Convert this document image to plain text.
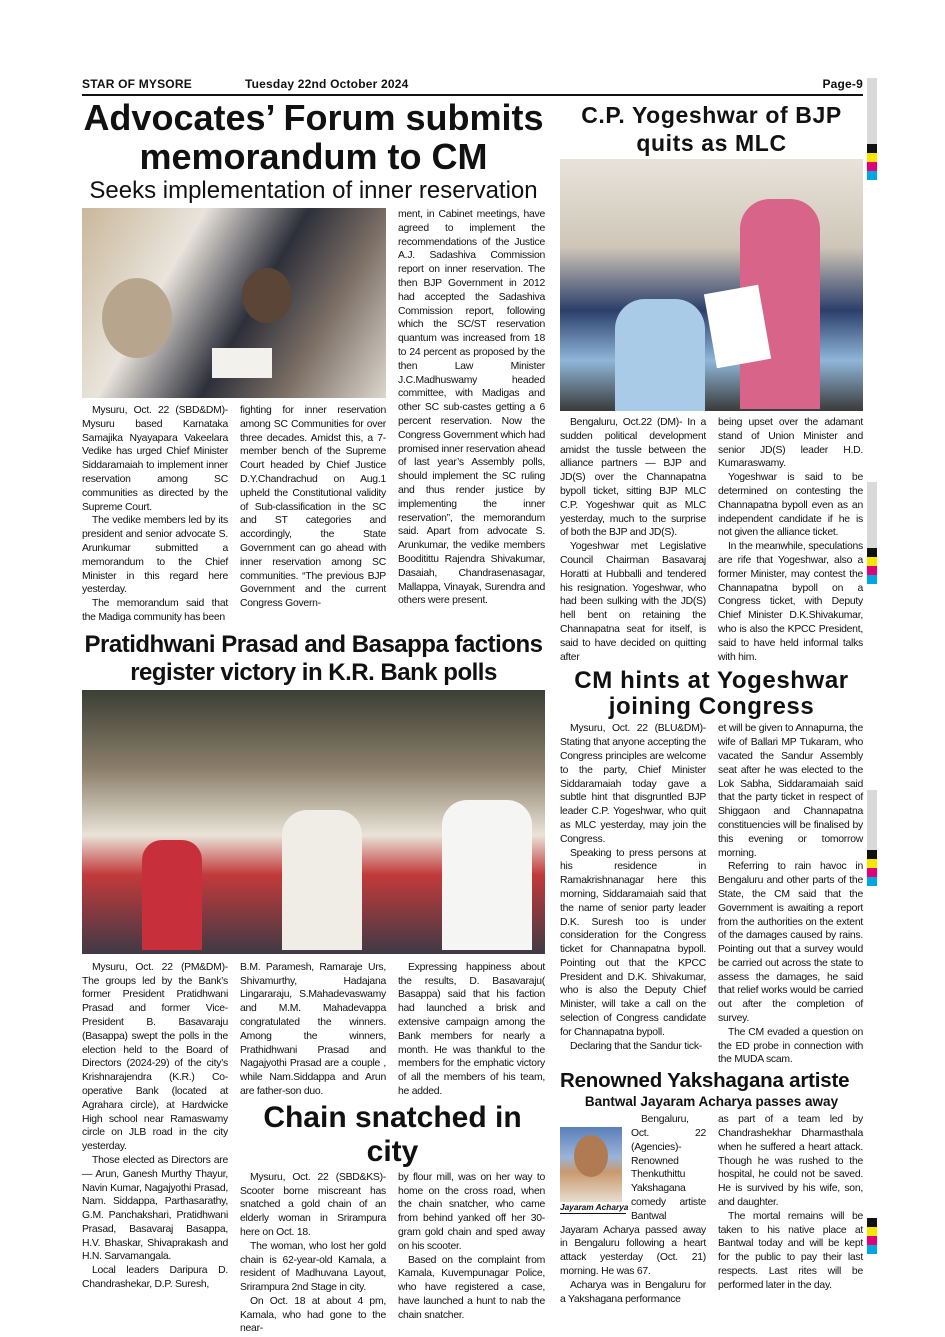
STAR OF MYSORE	Tuesday 22nd October 2024	Page-9
Advocates’ Forum submits memorandum to CM
Seeks implementation of inner reservation

Mysuru, Oct. 22 (SBD&DM)- Mysuru based Karnataka Samajika Nyayapara Vakeelara Vedike has urged Chief Minister Siddaramaiah to implement inner reservation among SC communities as directed by the Supreme Court.

The vedike members led by its president and senior advocate S. Arunkumar submitted a memorandum to the Chief Minister in this regard here yesterday.

The memorandum said that the Madiga community has been

fighting for inner reservation among SC Communities for over three decades. Amidst this, a 7-member bench of the Supreme Court headed by Chief Justice D.Y.Chandrachud on Aug.1 upheld the Constitutional validity of Sub-classification in the SC and ST categories and accordingly, the State Government can go ahead with inner reservation among SC communities. “The previous BJP Government and the current Congress Govern-

ment, in Cabinet meetings, have agreed to implement the recommendations of the Justice A.J. Sadashiva Commission report on inner reservation. The then BJP Government in 2012 had accepted the Sadashiva Commission report, following which the SC/ST reservation quantum was increased from 18 to 24 percent as proposed by the then Law Minister J.C.Madhuswamy headed committee, with Madigas and other SC sub-castes getting a 6 percent reservation. Now the Congress Government which had promised inner reservation ahead of last year’s Assembly polls, should implement the SC ruling and thus render justice by implementing the inner reservation”, the memorandum said. Apart from advocate S. Arunkumar, the vedike members Booditittu Rajendra Shivakumar, Dasaiah, Chandrasenasagar, Mallappa, Vinayak, Surendra and others were present.

Pratidhwani Prasad and Basappa factions register victory in K.R. Bank polls

Mysuru, Oct. 22 (PM&DM)- The groups led by the Bank’s former President Pratidhwani Prasad and former Vice-President B. Basavaraju (Basappa) swept the polls in the election held to the Board of Directors (2024-29) of the city’s Krishnarajendra (K.R.) Co-operative Bank (located at Agrahara circle), at Hardwicke High school near Ramaswamy circle on JLB road in the city yesterday.

Those elected as Directors are — Arun, Ganesh Murthy Thayur, Navin Kumar, Nagajyothi Prasad, Nam. Siddappa, Parthasarathy, G.M. Panchakshari, Pratidhwani Prasad, Basavaraj Basappa, H.V. Bhaskar, Shivaprakash and H.N. Sarvamangala.

Local leaders Daripura D. Chandrashekar, D.P. Suresh,

B.M. Paramesh, Ramaraje Urs, Shivamurthy, Hadajana Lingararaju, S.Mahadevaswamy and M.M. Mahadevappa congratulated the winners. Among the winners, Prathidhwani Prasad and Nagajyothi Prasad are a couple , while Nam.Siddappa and Arun are father-son duo.

Expressing happiness about the results, D. Basavaraju( Basappa) said that his faction had launched a brisk and extensive campaign among the Bank members for nearly a month. He was thankful to the members for the emphatic victory of all the members of his team, he added.

Chain snatched in city

Mysuru, Oct. 22 (SBD&KS)- Scooter borne miscreant has snatched a gold chain of an elderly woman in Srirampura here on Oct. 18.

The woman, who lost her gold chain is 62-year-old Kamala, a resident of Madhuvana Layout, Srirampura 2nd Stage in city.

On Oct. 18 at about 4 pm, Kamala, who had gone to the near-

by flour mill, was on her way to home on the cross road, when the chain snatcher, who came from behind yanked off her 30-gram gold chain and sped away on his scooter.

Based on the complaint from Kamala, Kuvempunagar Police, who have registered a case, have launched a hunt to nab the chain snatcher.

C.P. Yogeshwar of BJP quits as MLC

Bengaluru, Oct.22 (DM)- In a sudden political development amidst the tussle between the alliance partners — BJP and JD(S) over the Channapatna bypoll ticket, sitting BJP MLC C.P. Yogeshwar quit as MLC yesterday, much to the surprise of both the BJP and JD(S).

Yogeshwar met Legislative Council Chairman Basavaraj Horatti at Hubballi and tendered his resignation. Yogeshwar, who had been sulking with the JD(S) hell bent on retaining the Channapatna seat for itself, is said to have decided on quitting after

being upset over the adamant stand of Union Minister and senior JD(S) leader H.D. Kumaraswamy.

Yogeshwar is said to be determined on contesting the Channapatna bypoll even as an independent candidate if he is not given the alliance ticket.

In the meanwhile, speculations are rife that Yogeshwar, also a former Minister, may contest the Channapatna bypoll on a Congress ticket, with Deputy Chief Minister D.K.Shivakumar, who is also the KPCC President, said to have held informal talks with him.

CM hints at Yogeshwar joining Congress

Mysuru, Oct. 22 (BLU&DM)- Stating that anyone accepting the Congress principles are welcome to the party, Chief Minister Siddaramaiah today gave a subtle hint that disgruntled BJP leader C.P. Yogeshwar, who quit as MLC yesterday, may join the Congress.

Speaking to press persons at his residence in Ramakrishnanagar here this morning, Siddaramaiah said that the name of senior party leader D.K. Suresh too is under consideration for the Congress ticket for Channapatna bypoll. Pointing out that the KPCC President and D.K. Shivakumar, who is also the Deputy Chief Minister, will take a call on the selection of Congress candidate for Channapatna bypoll.

Declaring that the Sandur tick-

et will be given to Annapurna, the wife of Ballari MP Tukaram, who vacated the Sandur Assembly seat after he was elected to the Lok Sabha, Siddaramaiah said that the party ticket in respect of Shiggaon and Channapatna constituencies will be finalised by this evening or tomorrow morning.

Referring to rain havoc in Bengaluru and other parts of the State, the CM said that the Government is awaiting a report from the authorities on the extent of the damages caused by rains. Pointing out that a survey would be carried out across the state to assess the damages, he said that relief works would be carried out after the completion of survey.

The CM evaded a question on the ED probe in connection with the MUDA scam.

Renowned Yakshagana artiste
Bantwal Jayaram Acharya passes away
Jayaram Acharya

Bengaluru, Oct. 22 (Agencies)- Renowned Thenkuthittu Yakshagana comedy artiste Bantwal Jayaram Acharya passed away in Bengaluru following a heart attack yesterday (Oct. 21) morning. He was 67.

Acharya was in Bengaluru for a Yakshagana performance

as part of a team led by Chandrashekhar Dharmasthala when he suffered a heart attack. Though he was rushed to the hospital, he could not be saved. He is survived by his wife, son, and daughter.

The mortal remains will be taken to his native place at Bantwal today and will be kept for the public to pay their last respects. Last rites will be performed later in the day.
